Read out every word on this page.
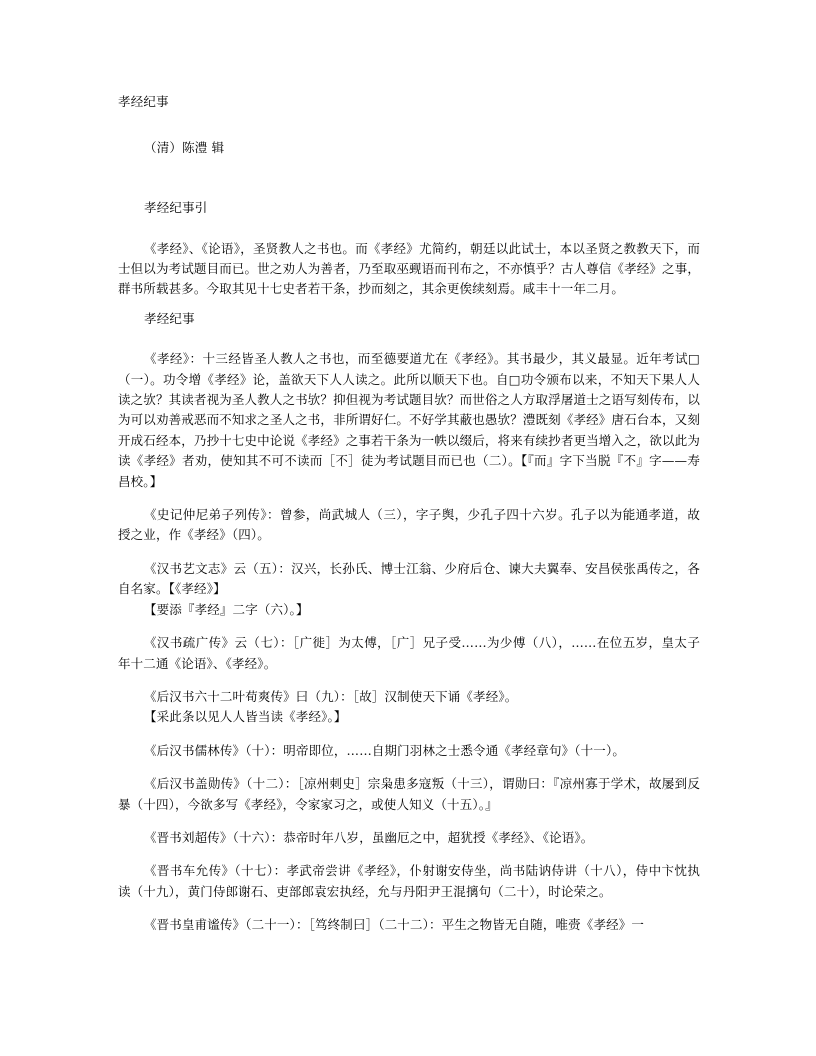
孝经纪事
（清）陈澧 辑
孝经纪事引

《孝经》、《论语》，圣贤教人之书也。而《孝经》尤简约，朝廷以此试士，本以圣贤之教教天下，而士但以为考试题目而已。世之劝人为善者，乃至取巫觋语而刊布之，不亦慎乎？古人尊信《孝经》之事，群书所载甚多。今取其见十七史者若干条，抄而刻之，其余更俟续刻焉。咸丰十一年二月。

孝经纪事

《孝经》：十三经皆圣人教人之书也，而至德要道尤在《孝经》。其书最少，其义最显。近年考试□（一）。功令增《孝经》论，盖欲天下人人读之。此所以顺天下也。自□功令颁布以来，不知天下果人人读之欤？其读者视为圣人教人之书欤？抑但视为考试题目欤？而世俗之人方取浮屠道士之语写刻传布，以为可以劝善戒恶而不知求之圣人之书，非所谓好仁。不好学其蔽也愚欤？澧既刻《孝经》唐石台本，又刻开成石经本，乃抄十七史中论说《孝经》之事若干条为一帙以缀后，将来有续抄者更当增入之，欲以此为读《孝经》者劝，使知其不可不读而［不］徒为考试题目而已也（二）。【『而』字下当脱『不』字——寿昌校。】

《史记仲尼弟子列传》：曾参，尚武城人（三），字子舆，少孔子四十六岁。孔子以为能通孝道，故授之业，作《孝经》（四）。

《汉书艺文志》云（五）：汉兴，长孙氏、博士江翁、少府后仓、谏大夫翼奉、安昌侯张禹传之，各自名家。【《孝经》】

【要添『孝经』二字（六）。】

《汉书疏广传》云（七）：［广徙］为太傅，［广］兄子受……为少傅（八），……在位五岁，皇太子年十二通《论语》、《孝经》。

《后汉书六十二叶荀爽传》曰（九）：［故］汉制使天下诵《孝经》。

【采此条以见人人皆当读《孝经》。】

《后汉书儒林传》（十）：明帝即位，……自期门羽林之士悉令通《孝经章句》（十一）。

《后汉书盖勋传》（十二）：［凉州刺史］宗枭患多寇叛（十三），谓勋曰：『凉州寡于学术，故屡到反暴（十四），今欲多写《孝经》，令家家习之，或使人知义（十五）。』

《晋书刘超传》（十六）：恭帝时年八岁，虽幽厄之中，超犹授《孝经》、《论语》。

《晋书车允传》（十七）：孝武帝尝讲《孝经》，仆射谢安侍坐，尚书陆讷侍讲（十八），侍中卞忱执读（十九），黄门侍郎谢石、吏部郎袁宏执经，允与丹阳尹王混摛句（二十），时论荣之。

《晋书皇甫谧传》（二十一）：［笃终制曰］（二十二）：平生之物皆无自随，唯赍《孝经》一
